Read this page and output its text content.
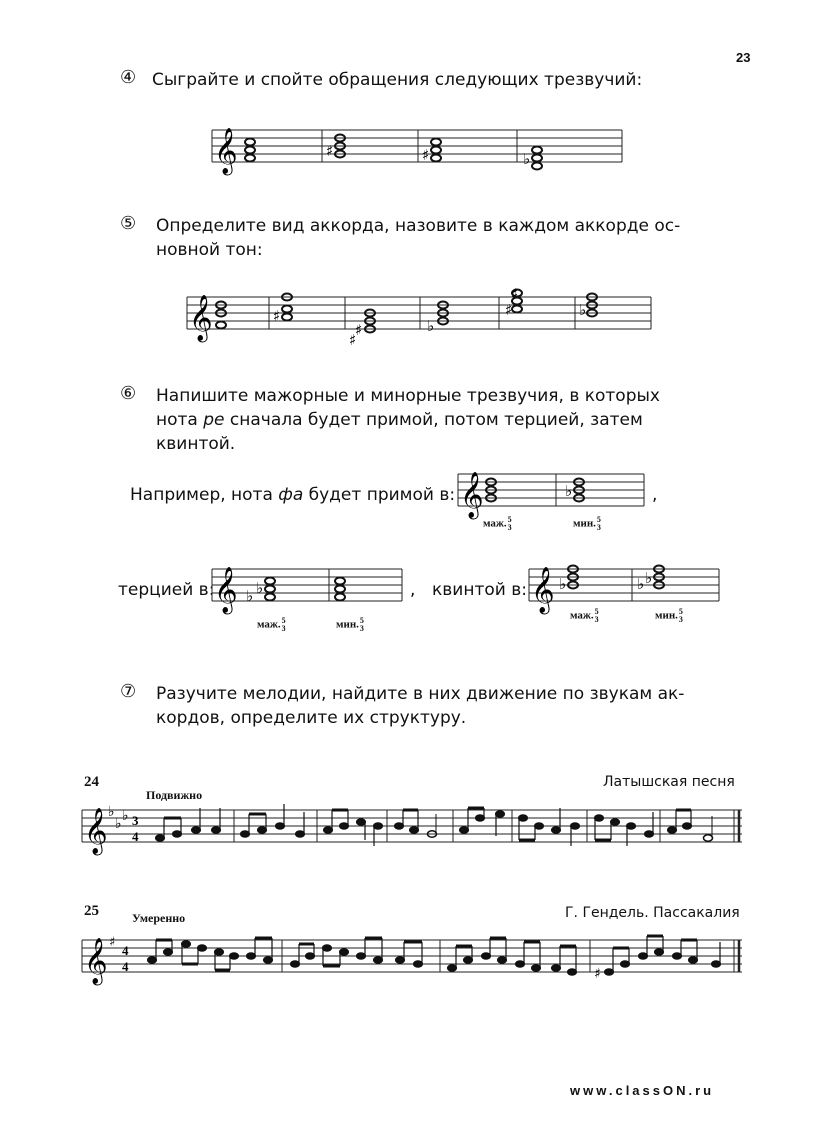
23
④ Сыграйте и спойте обращения следующих трезвучий:
𝄞	♯	♯	♭
⑤ Определите вид аккорда, назовите в каждом аккорде ос-
новной тон:
𝄞	♯
♯
♯	♭
♯
♯
♭
⑥ Напишите мажорные и минорные трезвучия, в которых
нота ре сначала будет примой, потом терцией, затем
квинтой.
Например, нота фа будет примой в: 𝄞	♭	,
маж.5
3	мин.5
3
терцией в: 𝄞 ♭ ♭	,
маж.5
3	мин.5
3
квинтой в: 𝄞 ♭	♭ ♭
маж.5
3	мин.5
3
⑦ Разучите мелодии, найдите в них движение по звукам ак-
кордов, определите их структуру.
24
Подвижно
Латышская песня
𝄞 ♭
♭ ♭ 3
4
25	Умеренно	Г. Гендель. Пассакалия
𝄞 ♯
4
4	♯
www.classON.ru
